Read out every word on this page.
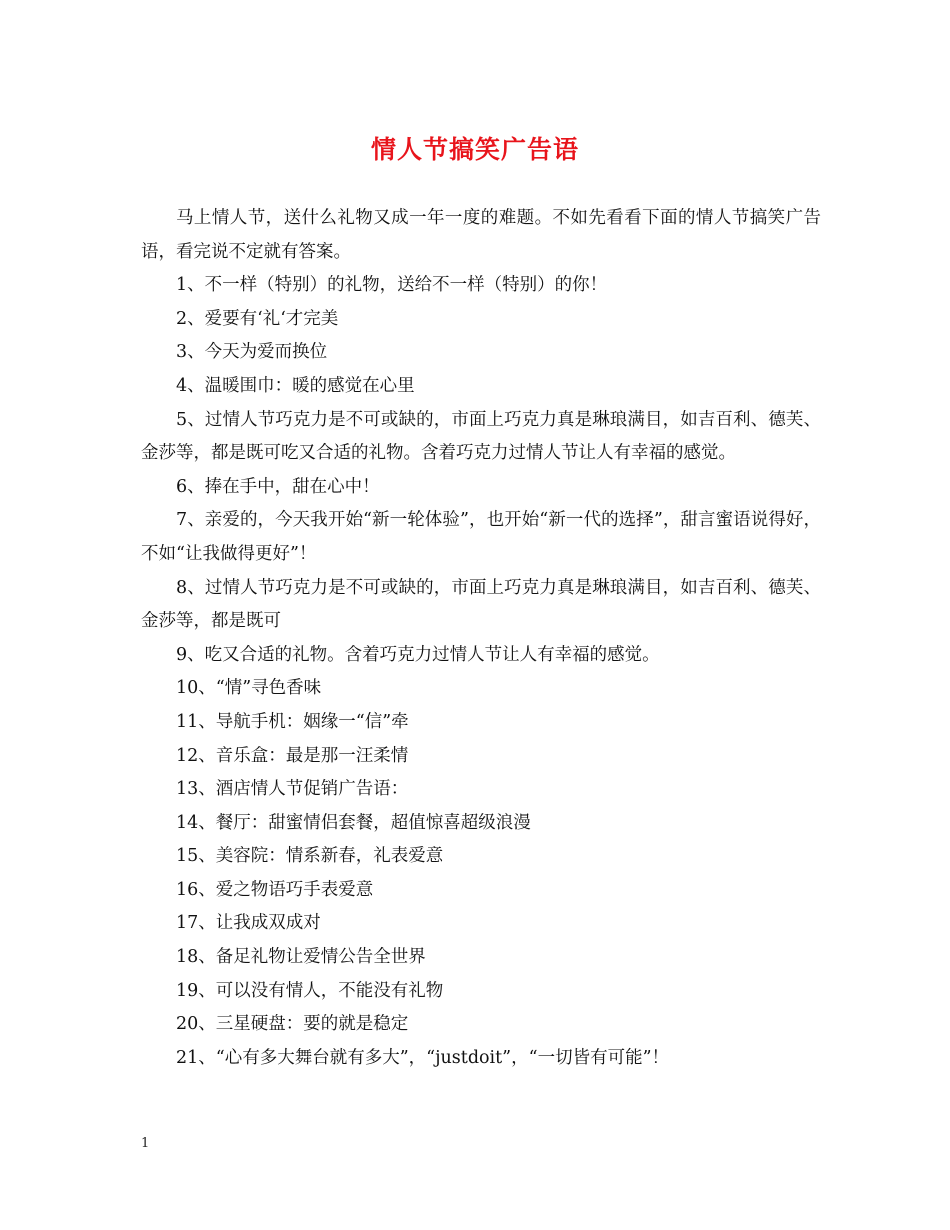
情人节搞笑广告语

马上情人节，送什么礼物又成一年一度的难题。不如先看看下面的情人节搞笑广告语，看完说不定就有答案。

1、不一样（特别）的礼物，送给不一样（特别）的你！

2、爱要有‘礼‘才完美

3、今天为爱而换位

4、温暖围巾：暖的感觉在心里

5、过情人节巧克力是不可或缺的，市面上巧克力真是琳琅满目，如吉百利、德芙、金莎等，都是既可吃又合适的礼物。含着巧克力过情人节让人有幸福的感觉。

6、捧在手中，甜在心中！

7、亲爱的，今天我开始“新一轮体验”，也开始“新一代的选择”，甜言蜜语说得好，不如“让我做得更好”！

8、过情人节巧克力是不可或缺的，市面上巧克力真是琳琅满目，如吉百利、德芙、金莎等，都是既可

9、吃又合适的礼物。含着巧克力过情人节让人有幸福的感觉。

10、“情”寻色香味

11、导航手机：姻缘一“信”牵

12、音乐盒：最是那一汪柔情

13、酒店情人节促销广告语：

14、餐厅：甜蜜情侣套餐，超值惊喜超级浪漫

15、美容院：情系新春，礼表爱意

16、爱之物语巧手表爱意

17、让我成双成对

18、备足礼物让爱情公告全世界

19、可以没有情人，不能没有礼物

20、三星硬盘：要的就是稳定

21、“心有多大舞台就有多大”，“justdoit”，“一切皆有可能”！

1
